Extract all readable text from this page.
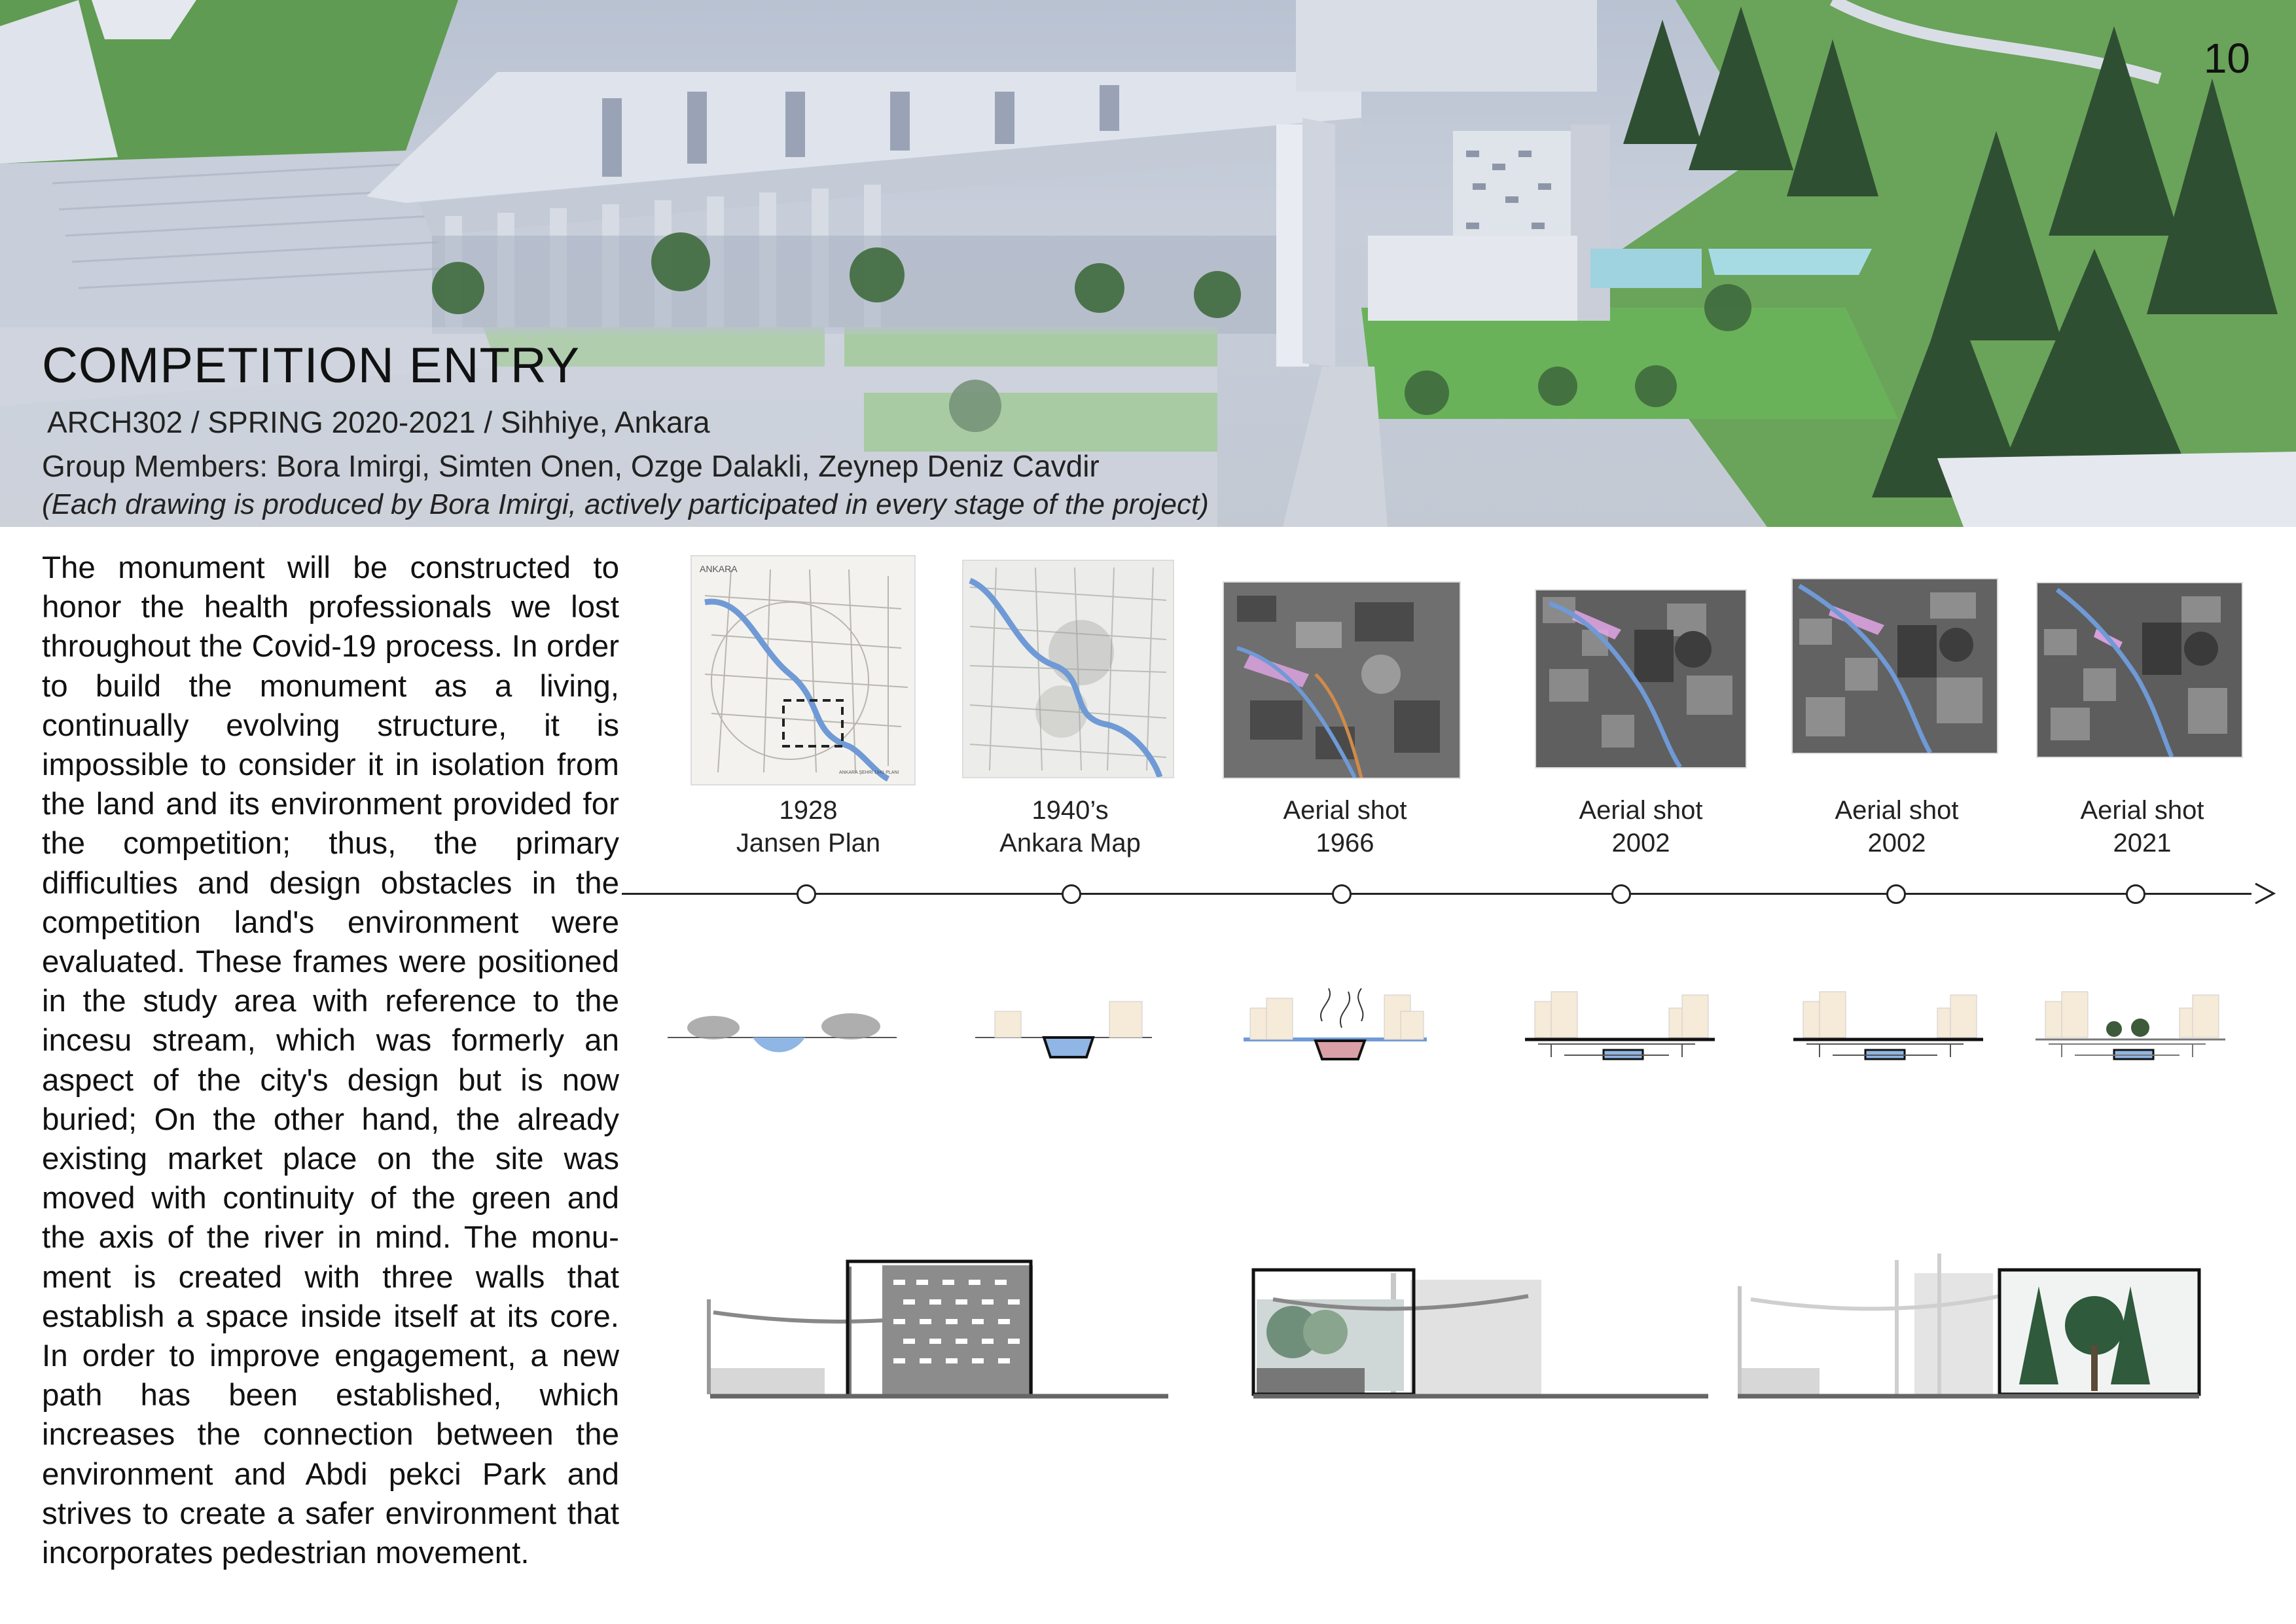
10
COMPETITION ENTRY
ARCH302 / SPRING 2020-2021 / Sihhiye, Ankara
Group Members: Bora Imirgi, Simten Onen, Ozge Dalakli, Zeynep Deniz Cavdir
(Each drawing is produced by Bora Imirgi, actively participated in every stage of the project)
The monument will be constructed to honor the health professionals we lost throughout the Covid-19 process. In order to build the monument as a living, continually evolving structure, it is impossible to consider it in isolation from the land and its environment provided for the competition; thus, the primary difficulties and design obstacles in the competition land's environment were evaluated. These frames were positioned in the study area with reference to the incesu stream, which was formerly an aspect of the city's design but is now buried; On the other hand, the already existing market place on the site was moved with continuity of the green and the axis of the river in mind. The monu-ment is created with three walls that establish a space inside itself at its core. In order to improve engagement, a new path has been established, which increases the connection between the environment and Abdi pekci Park and strives to create a safer environment that incorporates pedestrian movement.
ANKARA
ANKARA ŞEHRİ 1941 PLANI
1928
Jansen Plan
1940’s
Ankara Map
Aerial shot
1966
Aerial shot
2002
Aerial shot
2002
Aerial shot
2021
